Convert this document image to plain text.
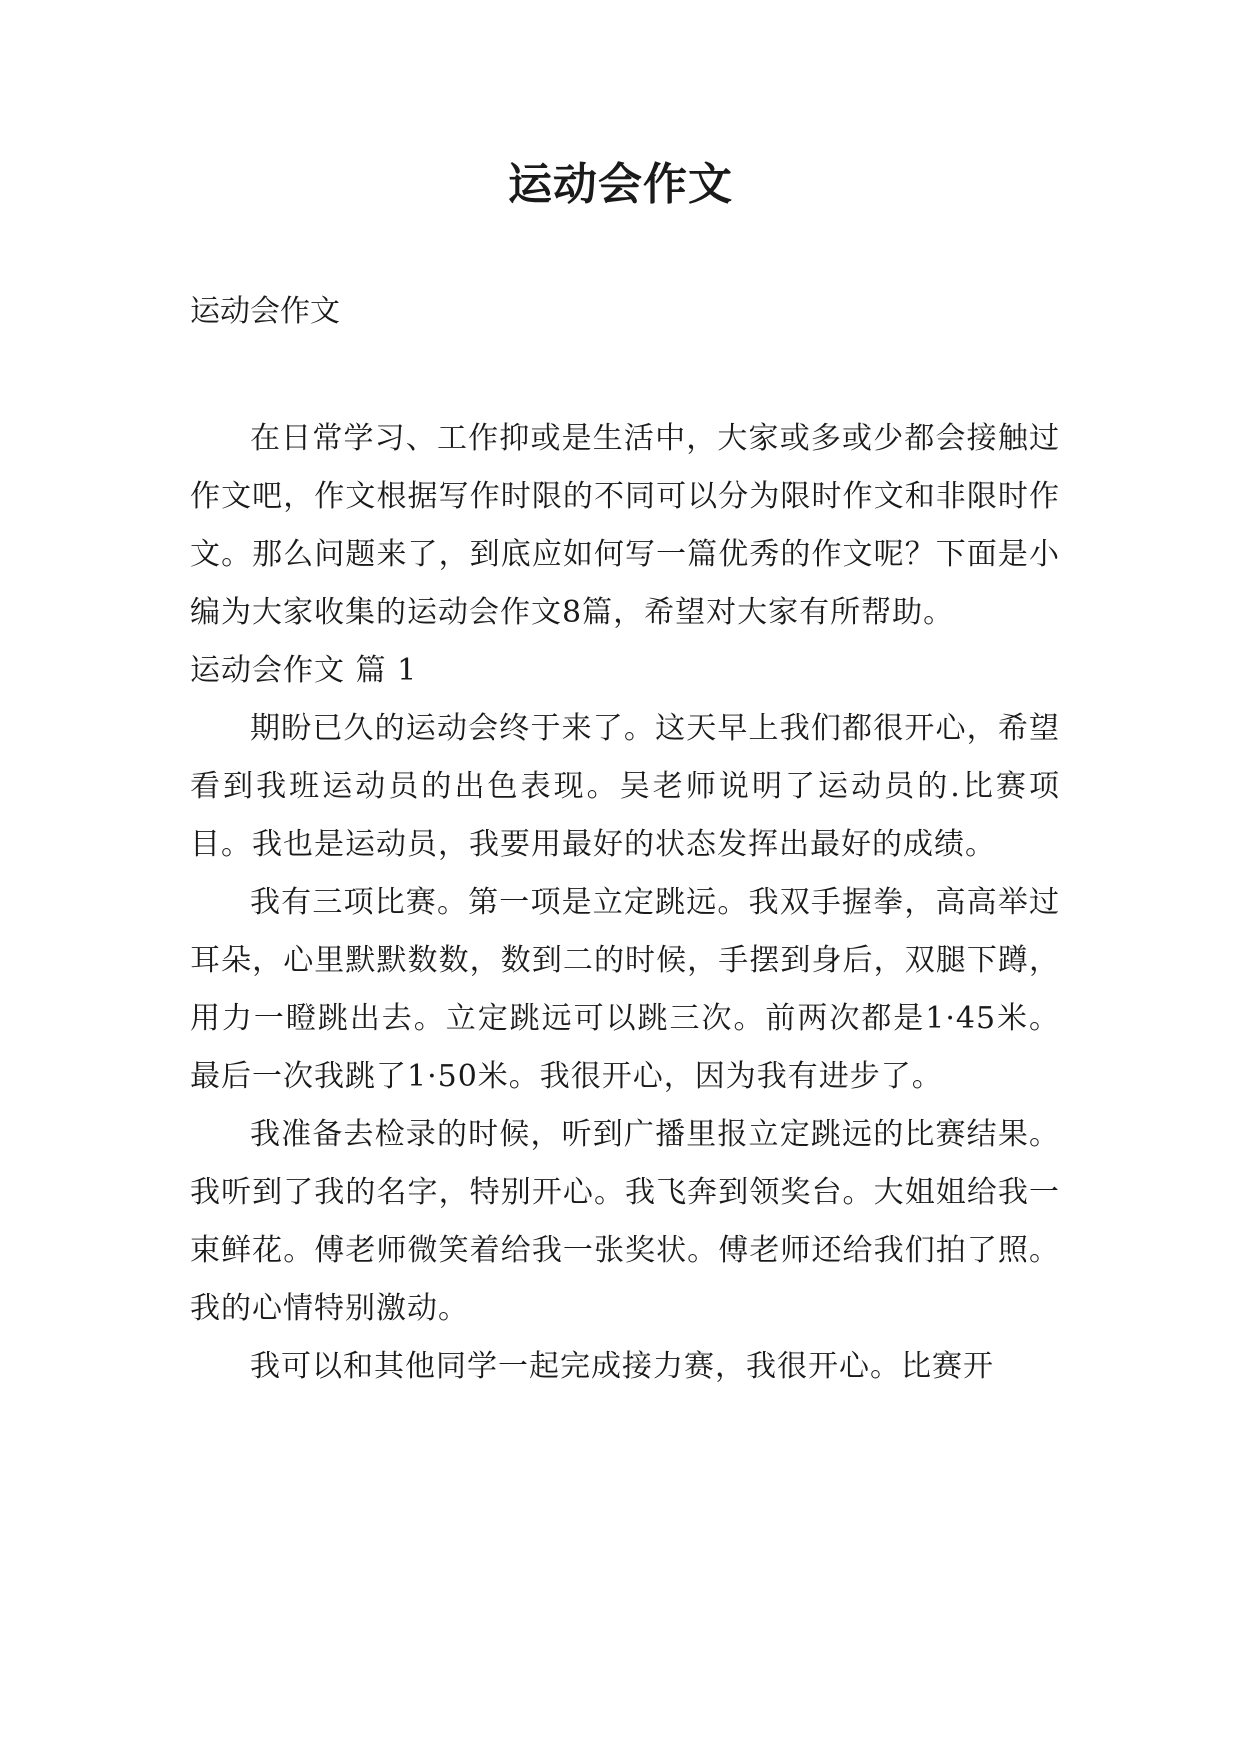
运动会作文

运动会作文

在日常学习、工作抑或是生活中，大家或多或少都会接触过作文吧，作文根据写作时限的不同可以分为限时作文和非限时作文。那么问题来了，到底应如何写一篇优秀的作文呢？下面是小编为大家收集的运动会作文8篇，希望对大家有所帮助。

运动会作文 篇 1

期盼已久的运动会终于来了。这天早上我们都很开心，希望看到我班运动员的出色表现。吴老师说明了运动员的.比赛项目。我也是运动员，我要用最好的状态发挥出最好的成绩。

我有三项比赛。第一项是立定跳远。我双手握拳，高高举过耳朵，心里默默数数，数到二的时候，手摆到身后，双腿下蹲，用力一瞪跳出去。立定跳远可以跳三次。前两次都是1·45米。最后一次我跳了1·50米。我很开心，因为我有进步了。

我准备去检录的时候，听到广播里报立定跳远的比赛结果。我听到了我的名字，特别开心。我飞奔到领奖台。大姐姐给我一束鲜花。傅老师微笑着给我一张奖状。傅老师还给我们拍了照。我的心情特别激动。

我可以和其他同学一起完成接力赛，我很开心。比赛开
